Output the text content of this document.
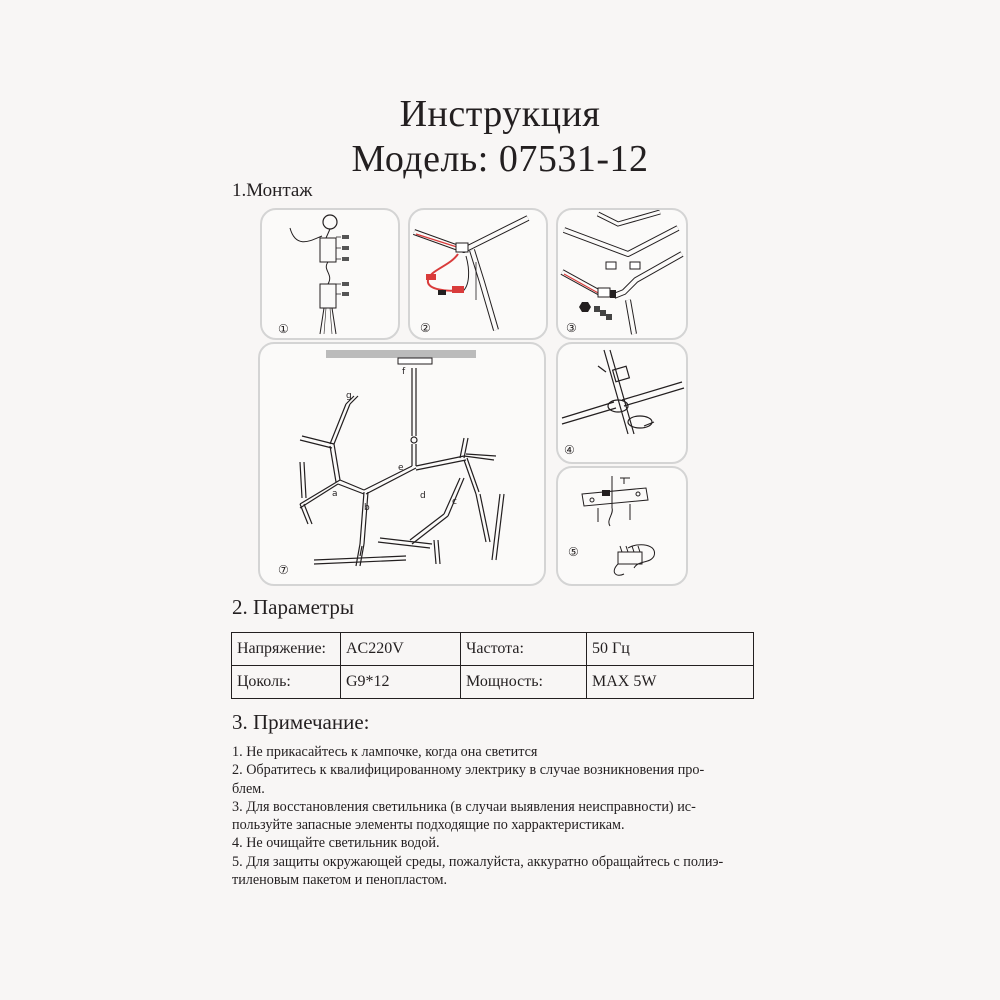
Инструкция
Модель: 07531-12
1.Монтаж
①	②	③
f
g
e
a
b
d
c
⑦
④
⑤
2. Параметры
Напряжение:	AC220V	Частота:	50 Гц
Цоколь:	G9*12	Мощность:	MAX 5W
3. Примечание:
1. Не прикасайтесь к лампочке, когда она светится
2. Обратитесь к квалифицированному электрику в случае возникновения про-
блем.
3. Для восстановления светильника (в случаи выявления неисправности) ис-
пользуйте запасные элементы подходящие по харрактеристикам.
4. Не очищайте светильник водой.
5. Для защиты окружающей среды, пожалуйста, аккуратно обращайтесь с полиэ-
тиленовым пакетом и пенопластом.
